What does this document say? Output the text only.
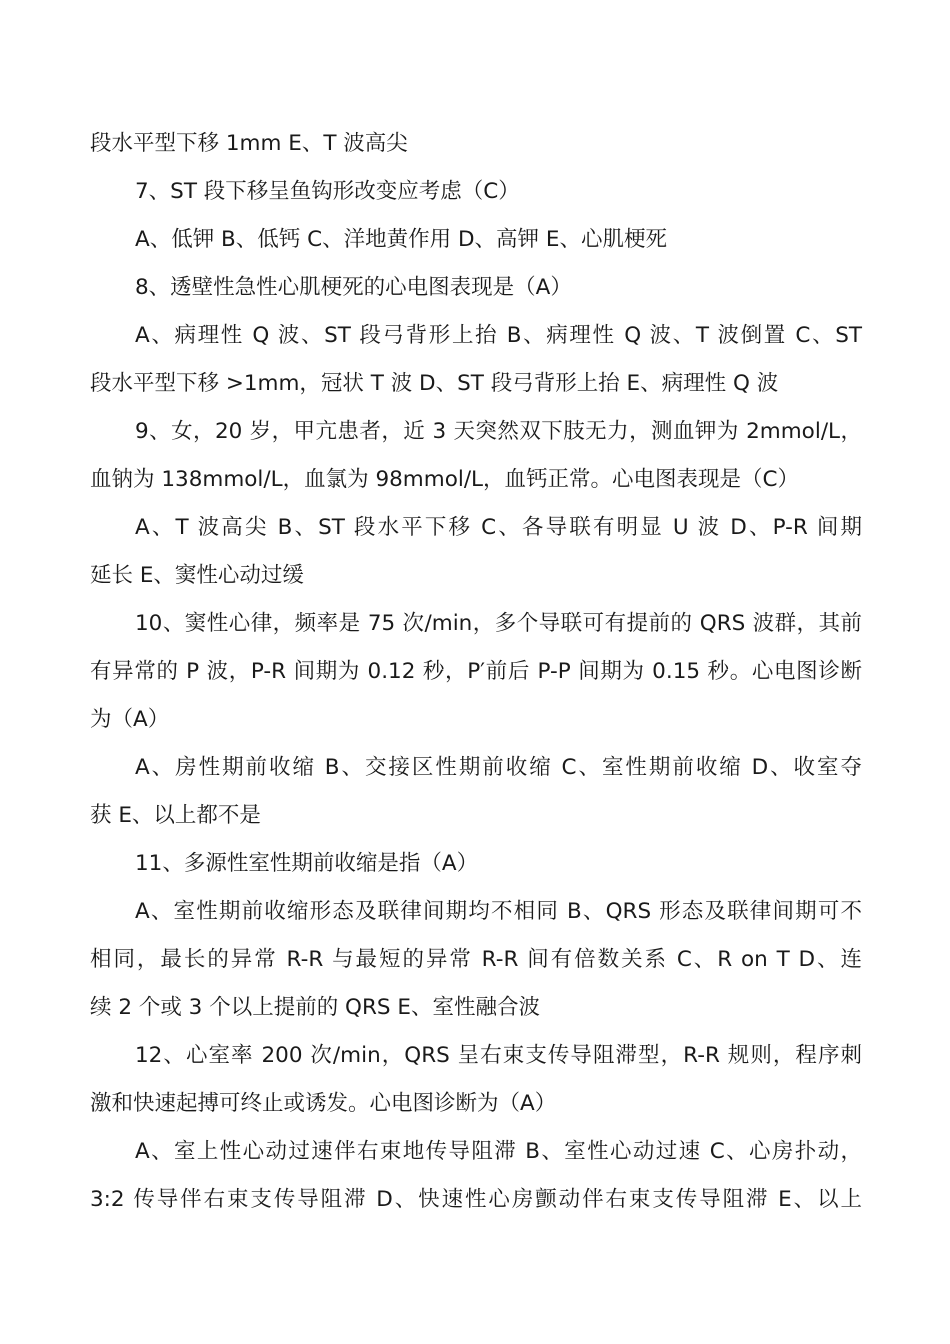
段水平型下移 1mm E、T 波高尖
7、ST 段下移呈鱼钩形改变应考虑（C）
A、低钾 B、低钙 C、洋地黄作用 D、高钾 E、心肌梗死
8、透壁性急性心肌梗死的心电图表现是（A）
A、病理性 Q 波、ST 段弓背形上抬 B、病理性 Q 波、T 波倒置 C、ST
段水平型下移 >1mm，冠状 T 波 D、ST 段弓背形上抬 E、病理性 Q 波
9、女，20 岁，甲亢患者，近 3 天突然双下肢无力，测血钾为 2mmol/L，
血钠为 138mmol/L，血氯为 98mmol/L，血钙正常。心电图表现是（C）
A、T 波高尖 B、ST 段水平下移 C、各导联有明显 U 波 D、P-R 间期
延长 E、窦性心动过缓
10、窦性心律，频率是 75 次/min，多个导联可有提前的 QRS 波群，其前
有异常的 P 波，P-R 间期为 0.12 秒，P′前后 P-P 间期为 0.15 秒。心电图诊断
为（A）
A、房性期前收缩 B、交接区性期前收缩 C、室性期前收缩 D、收室夺
获 E、以上都不是
11、多源性室性期前收缩是指（A）
A、室性期前收缩形态及联律间期均不相同 B、QRS 形态及联律间期可不
相同，最长的异常 R-R 与最短的异常 R-R 间有倍数关系 C、R on T D、连
续 2 个或 3 个以上提前的 QRS E、室性融合波
12、心室率 200 次/min，QRS 呈右束支传导阻滞型，R-R 规则，程序刺
激和快速起搏可终止或诱发。心电图诊断为（A）
A、室上性心动过速伴右束地传导阻滞 B、室性心动过速 C、心房扑动，
3:2 传导伴右束支传导阻滞 D、快速性心房颤动伴右束支传导阻滞 E、以上
